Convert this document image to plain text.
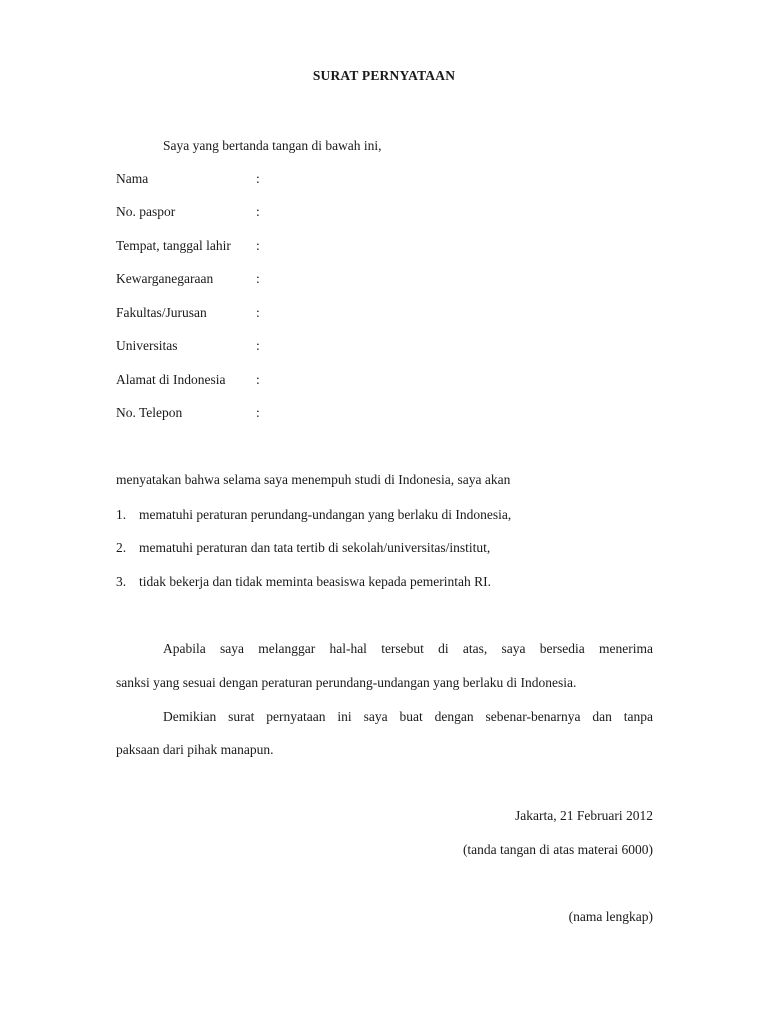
SURAT PERNYATAAN
Saya yang bertanda tangan di bawah ini,
Nama	:
No. paspor	:
Tempat, tanggal lahir :
Kewarganegaraan	:
Fakultas/Jurusan	:
Universitas	:
Alamat di Indonesia :
No. Telepon	:
menyatakan bahwa selama saya menempuh studi di Indonesia, saya akan
1. mematuhi peraturan perundang-undangan yang berlaku di Indonesia,
2. mematuhi peraturan dan tata tertib di sekolah/universitas/institut,
3. tidak bekerja dan tidak meminta beasiswa kepada pemerintah RI.
Apabila saya melanggar hal-hal tersebut di atas, saya bersedia menerima
sanksi yang sesuai dengan peraturan perundang-undangan yang berlaku di Indonesia.
Demikian surat pernyataan ini saya buat dengan sebenar-benarnya dan tanpa
paksaan dari pihak manapun.
Jakarta, 21 Februari 2012
(tanda tangan di atas materai 6000)
(nama lengkap)
